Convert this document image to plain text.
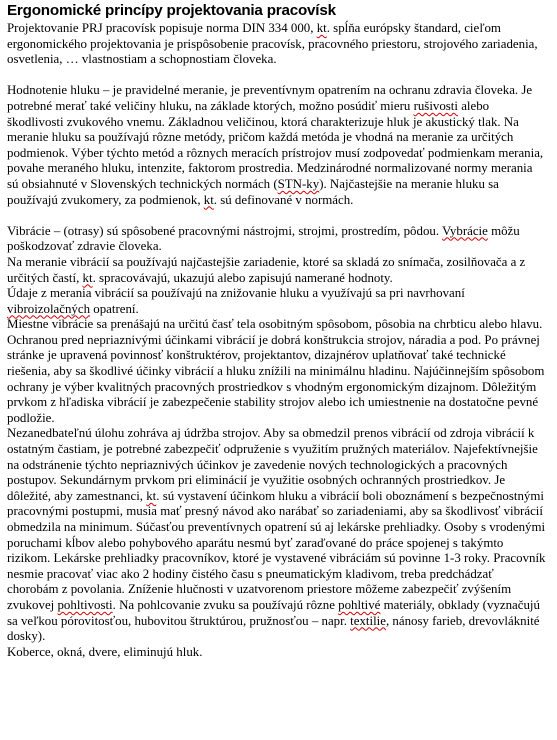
Ergonomické princípy projektovania pracovísk

Projektovanie PRJ pracovísk popisuje norma DIN 334 000, kt. spĺňa európsky štandard, cieľom ergonomického projektovania je prispôsobenie pracovísk, pracovného priestoru, strojového zariadenia, osvetlenia, … vlastnostiam a schopnostiam človeka.

Hodnotenie hluku – je pravidelné meranie, je preventívnym opatrením na ochranu zdravia človeka. Je potrebné merať také veličiny hluku, na základe ktorých, možno posúdiť mieru rušivosti alebo škodlivosti zvukového vnemu. Základnou veličinou, ktorá charakterizuje hluk je akustický tlak. Na meranie hluku sa používajú rôzne metódy, pričom každá metóda je vhodná na meranie za určitých podmienok. Výber týchto metód a rôznych meracích prístrojov musí zodpovedať podmienkam merania, povahe meraného hluku, intenzite, faktorom prostredia. Medzinárodné normalizované normy merania sú obsiahnuté v Slovenských technických normách (STN-ky). Najčastejšie na meranie hluku sa používajú zvukomery, za podmienok, kt. sú definované v normách.

Vibrácie – (otrasy) sú spôsobené pracovnými nástrojmi, strojmi, prostredím, pôdou. Vybrácie môžu poškodzovať zdravie človeka.

Na meranie vibrácií sa používajú najčastejšie zariadenie, ktoré sa skladá zo snímača, zosilňovača a z určitých častí, kt. spracovávajú, ukazujú alebo zapisujú namerané hodnoty.

Údaje z merania vibrácií sa používajú na znižovanie hluku a využívajú sa pri navrhovaní vibroizolačných opatrení.

Miestne vibrácie sa prenášajú na určitú časť tela osobitným spôsobom, pôsobia na chrbticu alebo hlavu. Ochranou pred nepriaznivými účinkami vibrácií je dobrá konštrukcia strojov, náradia a pod. Po právnej stránke je upravená povinnosť konštruktérov, projektantov, dizajnérov uplatňovať také technické riešenia, aby sa škodlivé účinky vibrácií a hluku znížili na minimálnu hladinu. Najúčinnejším spôsobom ochrany je výber kvalitných pracovných prostriedkov s vhodným ergonomickým dizajnom. Dôležitým prvkom z hľadiska vibrácií je zabezpečenie stability strojov alebo ich umiestnenie na dostatočne pevné podložie.

Nezanedbateľnú úlohu zohráva aj údržba strojov. Aby sa obmedzil prenos vibrácií od zdroja vibrácií k ostatným častiam, je potrebné zabezpečiť odpruženie s využitím pružných materiálov. Najefektívnejšie na odstránenie týchto nepriaznivých účinkov je zavedenie nových technologických a pracovných postupov. Sekundárnym prvkom pri eliminácií je využitie osobných ochranných prostriedkov. Je dôležité, aby zamestnanci, kt. sú vystavení účinkom hluku a vibrácií boli oboznámení s bezpečnostnými pracovnými postupmi, musia mať presný návod ako narábať so zariadeniami, aby sa škodlivosť vibrácií obmedzila na minimum. Súčasťou preventívnych opatrení sú aj lekárske prehliadky. Osoby s vrodenými poruchami kĺbov alebo pohybového aparátu nesmú byť zaraďované do práce spojenej s takýmto rizikom. Lekárske prehliadky pracovníkov, ktoré je vystavené vibráciám sú povinne 1-3 roky. Pracovník nesmie pracovať viac ako 2 hodiny čistého času s pneumatickým kladivom, treba predchádzať chorobám z povolania. Zníženie hlučnosti v uzatvorenom priestore môžeme zabezpečiť zvýšením zvukovej pohltivosti. Na pohlcovanie zvuku sa používajú rôzne pohltivé materiály, obklady (vyznačujú sa veľkou pórovitosťou, hubovitou štruktúrou, pružnosťou – napr. textilie, nánosy farieb, drevovláknité dosky).

Koberce, okná, dvere, eliminujú hluk.
